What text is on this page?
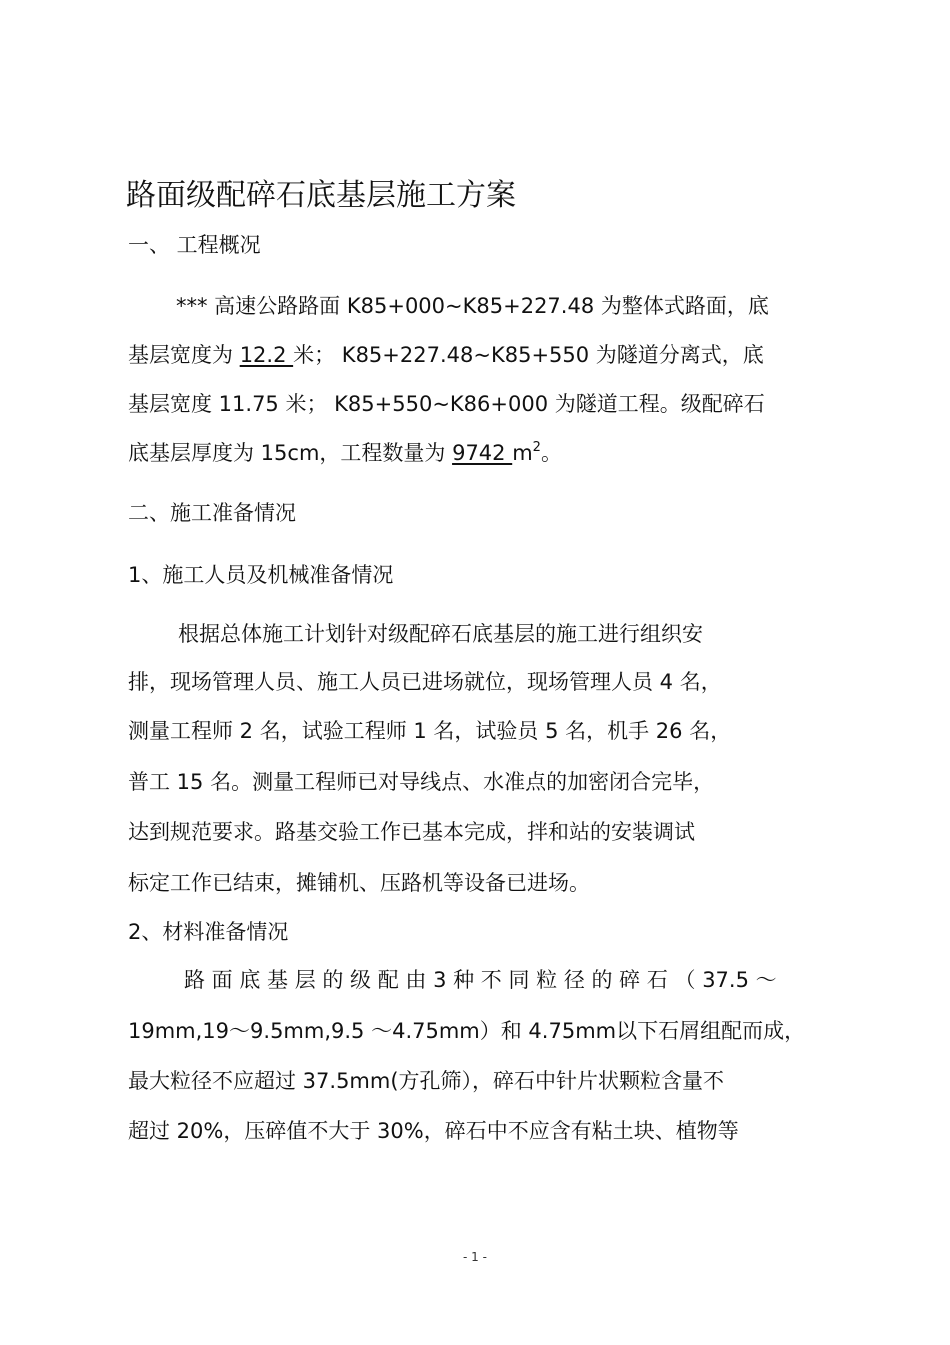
路面级配碎石底基层施工方案
一、 工程概况
*** 高速公路路面 K85+000~K85+227.48 为整体式路面，底
基层宽度为 12.2 米； K85+227.48~K85+550 为隧道分离式，底
基层宽度 11.75 米； K85+550~K86+000 为隧道工程。级配碎石
底基层厚度为 15cm，工程数量为 9742 $m^2$。
二、施工准备情况
1、施工人员及机械准备情况
根据总体施工计划针对级配碎石底基层的施工进行组织安
排，现场管理人员、施工人员已进场就位，现场管理人员 4 名，
测量工程师 2 名，试验工程师 1 名，试验员 5 名，机手 26 名，
普工 15 名。测量工程师已对导线点、水准点的加密闭合完毕，
达到规范要求。路基交验工作已基本完成，拌和站的安装调试
标定工作已结束，摊铺机、压路机等设备已进场。
2、材料准备情况
路 面 底 基 层 的 级 配 由 3 种 不 同 粒 径 的 碎 石 （ 37.5 ～
19mm,19～9.5mm,9.5 ～4.75mm）和 4.75mm以下石屑组配而成，
最大粒径不应超过 37.5mm(方孔筛），碎石中针片状颗粒含量不
超过 20%，压碎值不大于 30%，碎石中不应含有粘土块、植物等
- 1 -
